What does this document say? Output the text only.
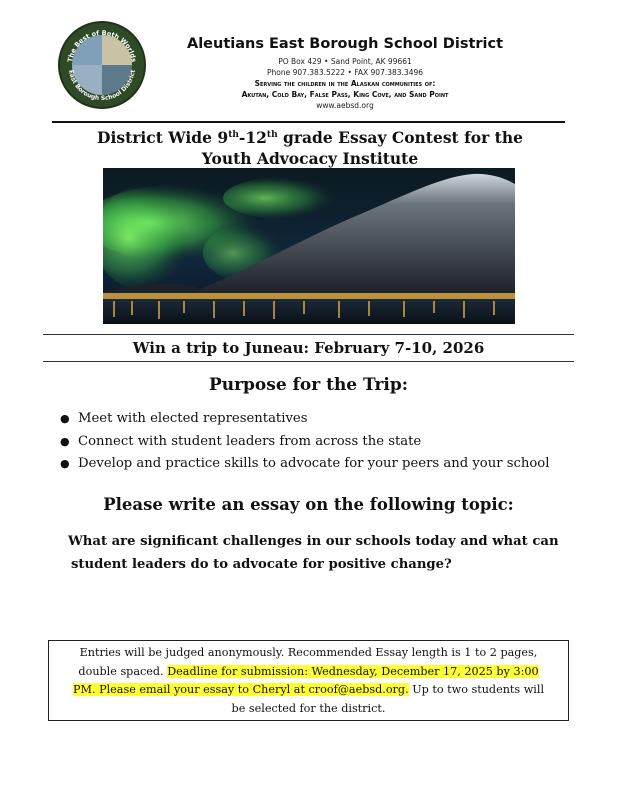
The Best of Both Worlds
East Borough School District
Aleutians East Borough School District
PO Box 429 • Sand Point, AK 99661
Phone 907.383.5222 • FAX 907.383.3496
Serving the children in the Alaskan communities of:
Akutan, Cold Bay, False Pass, King Cove, and Sand Point
www.aebsd.org
District Wide 9th-12th grade Essay Contest for the
Youth Advocacy Institute
Win a trip to Juneau: February 7-10, 2026
Purpose for the Trip:
● Meet with elected representatives
● Connect with student leaders from across the state
● Develop and practice skills to advocate for your peers and your school
Please write an essay on the following topic:
What are significant challenges in our schools today and what can
student leaders do to advocate for positive change?
Entries will be judged anonymously. Recommended Essay length is 1 to 2 pages,
double spaced. Deadline for submission: Wednesday, December 17, 2025 by 3:00
PM. Please email your essay to Cheryl at croof@aebsd.org. Up to two students will
be selected for the district.
